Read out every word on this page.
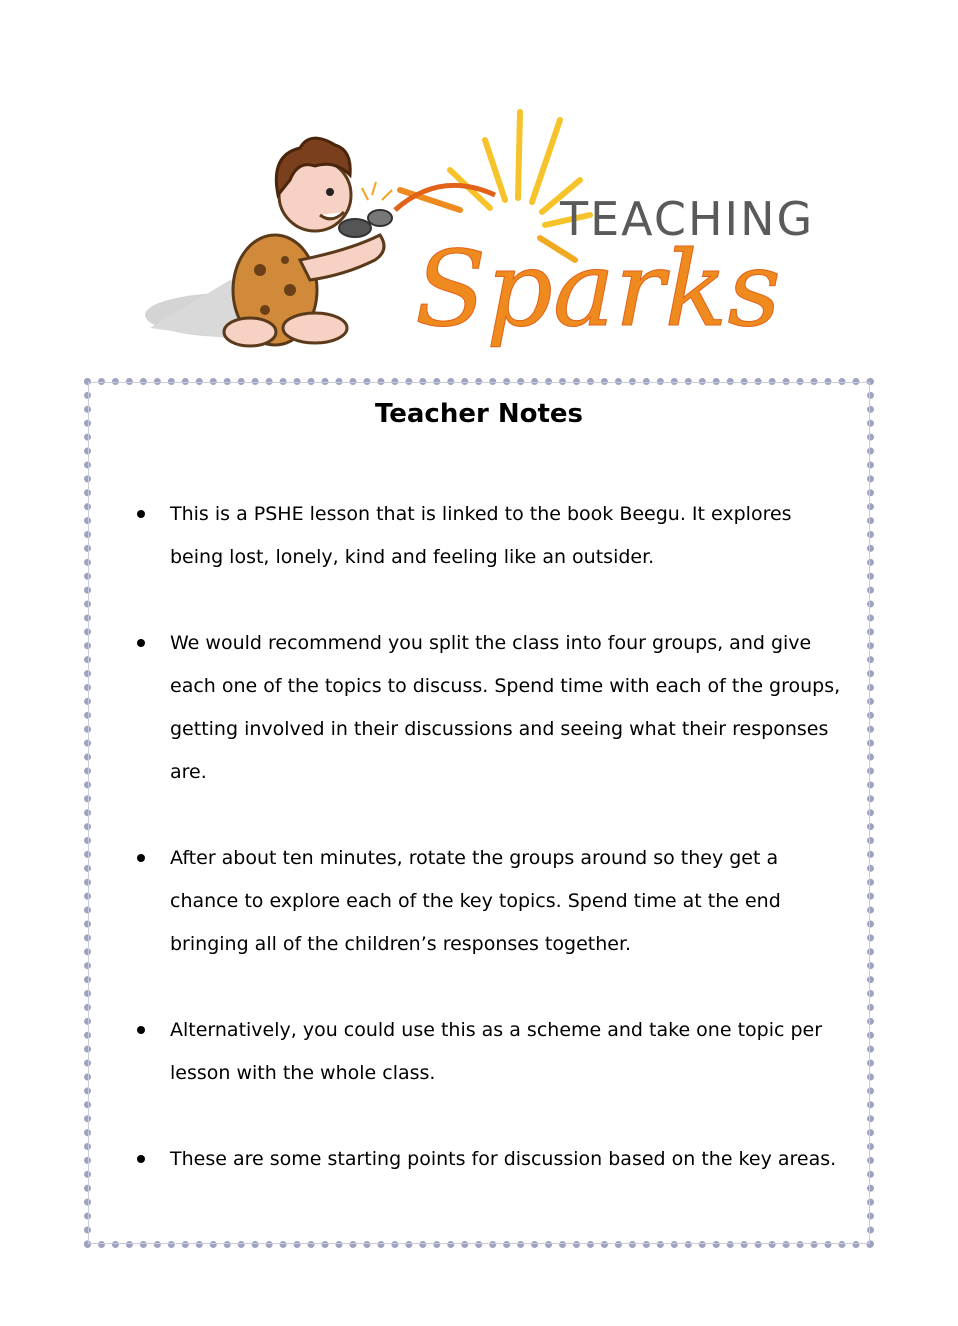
TEACHING
Sparks
Teacher Notes
This is a PSHE lesson that is linked to the book Beegu. It explores being lost, lonely, kind and feeling like an outsider.
We would recommend you split the class into four groups, and give each one of the topics to discuss. Spend time with each of the groups, getting involved in their discussions and seeing what their responses are.
After about ten minutes, rotate the groups around so they get a chance to explore each of the key topics. Spend time at the end bringing all of the children’s responses together.
Alternatively, you could use this as a scheme and take one topic per lesson with the whole class.
These are some starting points for discussion based on the key areas.
